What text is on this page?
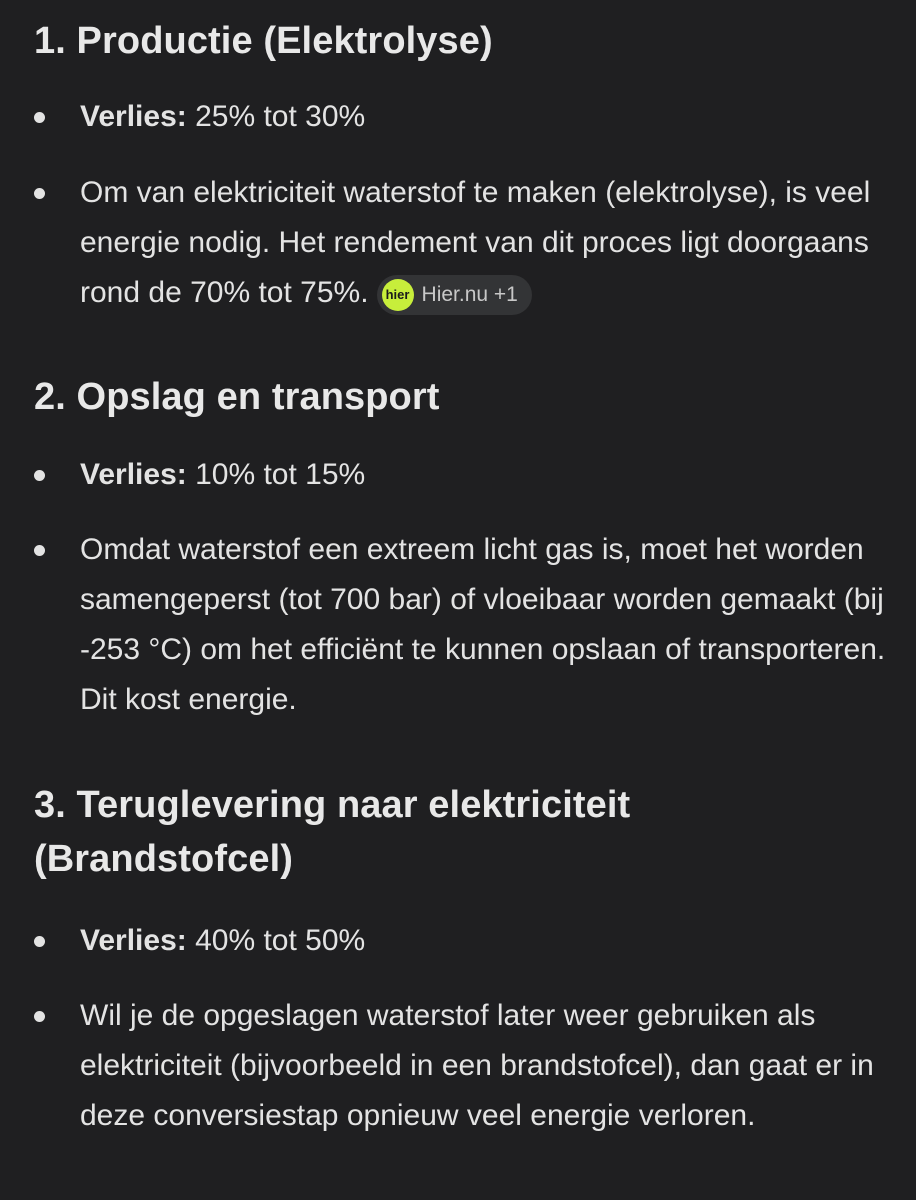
1. Productie (Elektrolyse)
Verlies: 25% tot 30%
Om van elektriciteit waterstof te maken (elektrolyse), is veel energie nodig. Het rendement van dit proces ligt doorgaans rond de 70% tot 75%.	hier Hier.nu +1
2. Opslag en transport
Verlies: 10% tot 15%
Omdat waterstof een extreem licht gas is, moet het worden samengeperst (tot 700 bar) of vloeibaar worden gemaakt (bij -253 °C) om het efficiënt te kunnen opslaan of transporteren. Dit kost energie.
3. Teruglevering naar elektriciteit
(Brandstofcel)
Verlies: 40% tot 50%
Wil je de opgeslagen waterstof later weer gebruiken als elektriciteit (bijvoorbeeld in een brandstofcel), dan gaat er in deze conversiestap opnieuw veel energie verloren.
